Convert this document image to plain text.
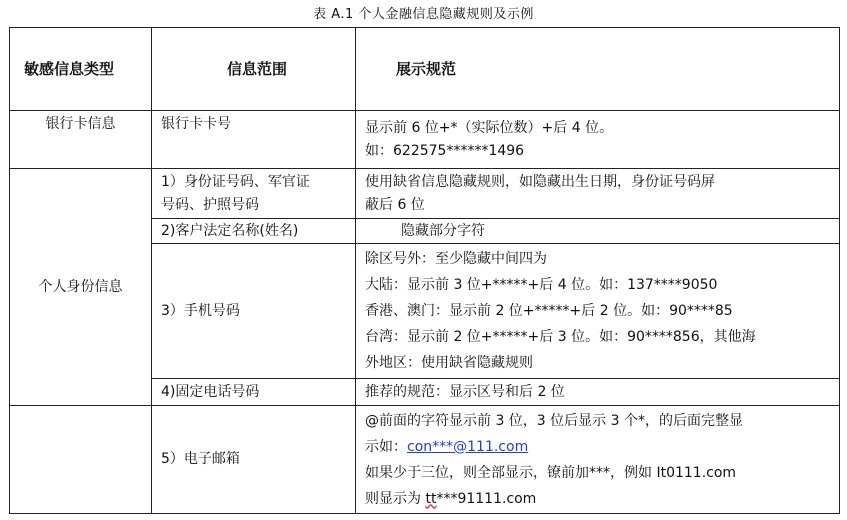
表 A.1 个人金融信息隐藏规则及示例
敏感信息类型	信息范围	展示规范
银行卡信息	银行卡卡号	显示前 6 位+*（实际位数）+后 4 位。
如：622575******1496

个人身份信息	1）身份证号码、军官证
号码、护照号码	使用缺省信息隐藏规则，如隐藏出生日期，身份证号码屏
蔽后 6 位

	2)客户法定名称(姓名)	隐藏部分字符
	3）手机号码	除区号外：至少隐藏中间四为
大陆：显示前 3 位+*****+后 4 位。如：137****9050
香港、澳门：显示前 2 位+*****+后 2 位。如：90****85
台湾：显示前 2 位+*****+后 3 位。如：90****856，其他海
外地区：使用缺省隐藏规则

	4)固定电话号码	推荐的规范：显示区号和后 2 位
	5）电子邮箱	@前面的字符显示前 3 位，3 位后显示 3 个*，的后面完整显
示如：con***@111.com
如果少于三位，则全部显示，镣前加***，例如 It0111.com
则显示为 tt***91111.com
